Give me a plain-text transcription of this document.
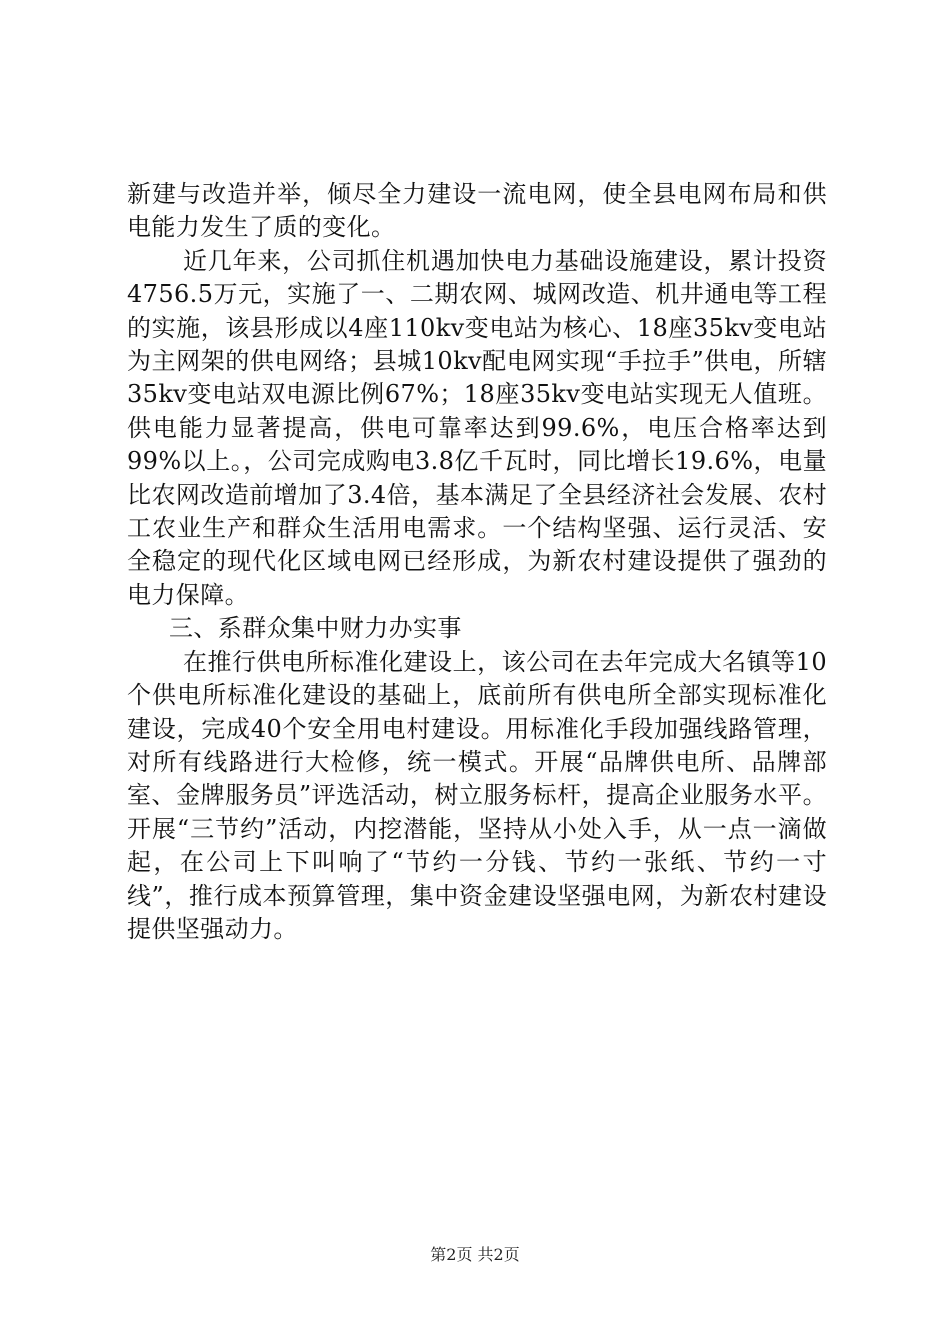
新建与改造并举，倾尽全力建设一流电网，使全县电网布局和供电能力发生了质的变化。

近几年来，公司抓住机遇加快电力基础设施建设，累计投资4756.5万元，实施了一、二期农网、城网改造、机井通电等工程的实施，该县形成以4座110kv变电站为核心、18座35kv变电站为主网架的供电网络；县城10kv配电网实现“手拉手”供电，所辖35kv变电站双电源比例67%；18座35kv变电站实现无人值班。供电能力显著提高，供电可靠率达到99.6%，电压合格率达到99%以上。，公司完成购电3.8亿千瓦时，同比增长19.6%，电量比农网改造前增加了3.4倍，基本满足了全县经济社会发展、农村工农业生产和群众生活用电需求。一个结构坚强、运行灵活、安全稳定的现代化区域电网已经形成，为新农村建设提供了强劲的电力保障。

三、系群众集中财力办实事

在推行供电所标准化建设上，该公司在去年完成大名镇等10个供电所标准化建设的基础上，底前所有供电所全部实现标准化建设，完成40个安全用电村建设。用标准化手段加强线路管理，对所有线路进行大检修，统一模式。开展“品牌供电所、品牌部室、金牌服务员”评选活动，树立服务标杆，提高企业服务水平。开展“三节约”活动，内挖潜能，坚持从小处入手，从一点一滴做起，在公司上下叫响了“节约一分钱、节约一张纸、节约一寸线”，推行成本预算管理，集中资金建设坚强电网，为新农村建设提供坚强动力。

第2页 共2页
